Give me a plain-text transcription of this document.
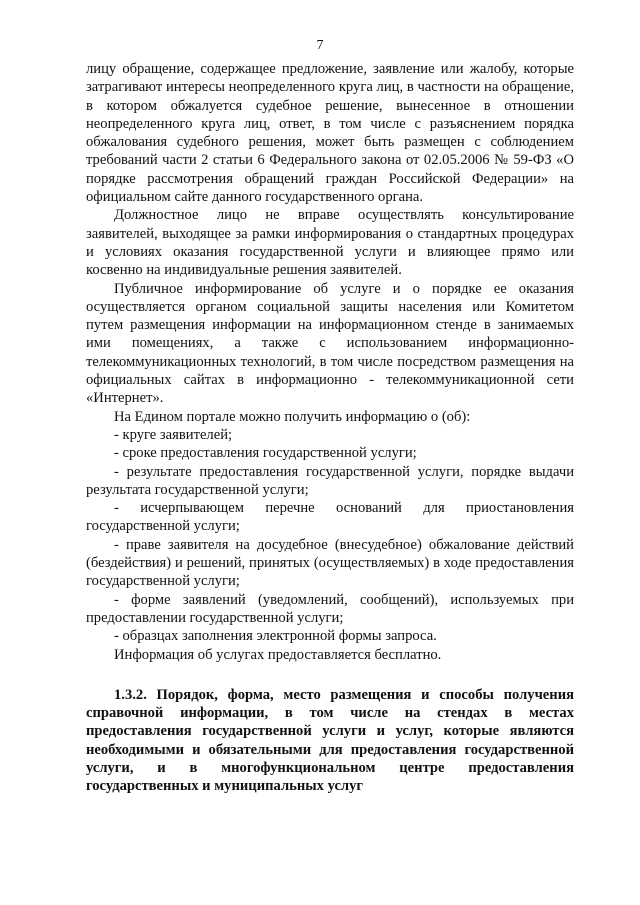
7

лицу обращение, содержащее предложение, заявление или жалобу, которые затрагивают интересы неопределенного круга лиц, в частности на обращение, в котором обжалуется судебное решение, вынесенное в отношении неопределенного круга лиц, ответ, в том числе с разъяснением порядка обжалования судебного решения, может быть размещен с соблюдением требований части 2 статьи 6 Федерального закона от 02.05.2006 № 59-ФЗ «О порядке рассмотрения обращений граждан Российской Федерации» на официальном сайте данного государственного органа.

Должностное лицо не вправе осуществлять консультирование заявителей, выходящее за рамки информирования о стандартных процедурах и условиях оказания государственной услуги и влияющее прямо или косвенно на индивидуальные решения заявителей.

Публичное информирование об услуге и о порядке ее оказания осуществляется органом социальной защиты населения или Комитетом путем размещения информации на информационном стенде в занимаемых ими помещениях, а также с использованием информационно-телекоммуникационных технологий, в том числе посредством размещения на официальных сайтах в информационно - телекоммуникационной сети «Интернет».

На Едином портале можно получить информацию о (об):

- круге заявителей;

- сроке предоставления государственной услуги;

- результате предоставления государственной услуги, порядке выдачи результата государственной услуги;

- исчерпывающем перечне оснований для приостановления государственной услуги;

- праве заявителя на досудебное (внесудебное) обжалование действий (бездействия) и решений, принятых (осуществляемых) в ходе предоставления государственной услуги;

- форме заявлений (уведомлений, сообщений), используемых при предоставлении государственной услуги;

- образцах заполнения электронной формы запроса.

Информация об услугах предоставляется бесплатно.

1.3.2. Порядок, форма, место размещения и способы получения справочной информации, в том числе на стендах в местах предоставления государственной услуги и услуг, которые являются необходимыми и обязательными для предоставления государственной услуги, и в многофункциональном центре предоставления государственных и муниципальных услуг
